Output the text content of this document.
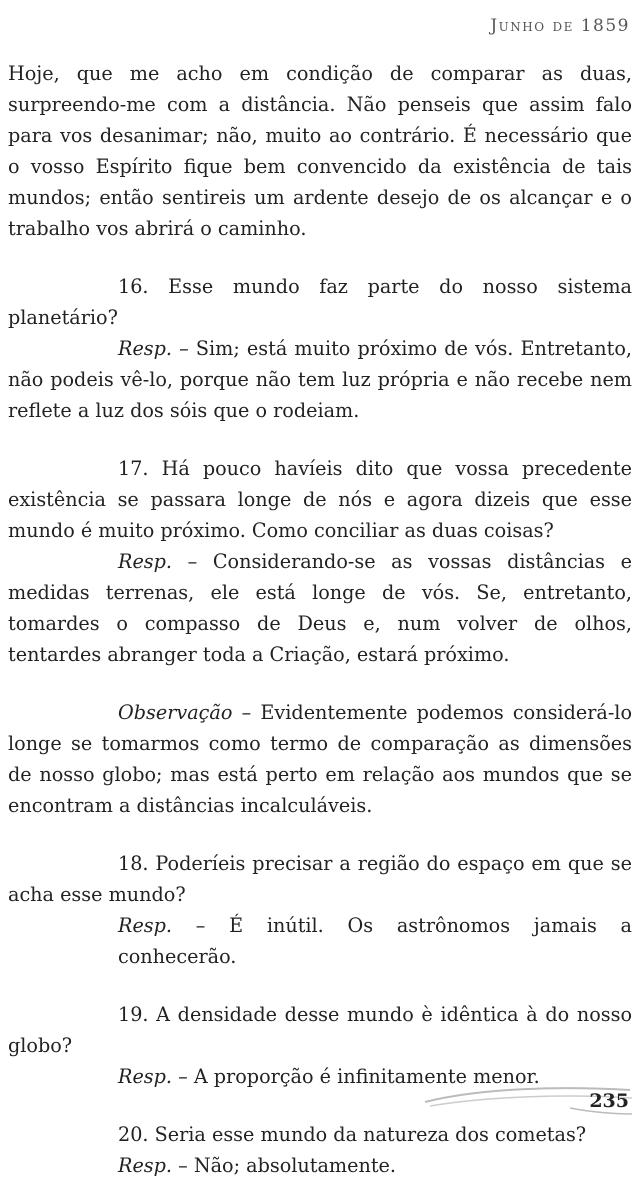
Junho de 1859

Hoje, que me acho em condição de comparar as duas, surpreendo-me com a distância. Não penseis que assim falo para vos desanimar; não, muito ao contrário. É necessário que o vosso Espírito fique bem convencido da existência de tais mundos; então sentireis um ardente desejo de os alcançar e o trabalho vos abrirá o caminho.

16. Esse mundo faz parte do nosso sistema planetário?

Resp. – Sim; está muito próximo de vós. Entretanto, não podeis vê-lo, porque não tem luz própria e não recebe nem reflete a luz dos sóis que o rodeiam.

17. Há pouco havíeis dito que vossa precedente existência se passara longe de nós e agora dizeis que esse mundo é muito próximo. Como conciliar as duas coisas?

Resp. – Considerando-se as vossas distâncias e medidas terrenas, ele está longe de vós. Se, entretanto, tomardes o compasso de Deus e, num volver de olhos, tentardes abranger toda a Criação, estará próximo.

Observação – Evidentemente podemos considerá-lo longe se tomarmos como termo de comparação as dimensões de nosso globo; mas está perto em relação aos mundos que se encontram a distâncias incalculáveis.

18. Poderíeis precisar a região do espaço em que se acha esse mundo?

Resp. – É inútil. Os astrônomos jamais a conhecerão.

19. A densidade desse mundo è idêntica à do nosso globo?

Resp. – A proporção é infinitamente menor.

20. Seria esse mundo da natureza dos cometas?

Resp. – Não; absolutamente.

235
